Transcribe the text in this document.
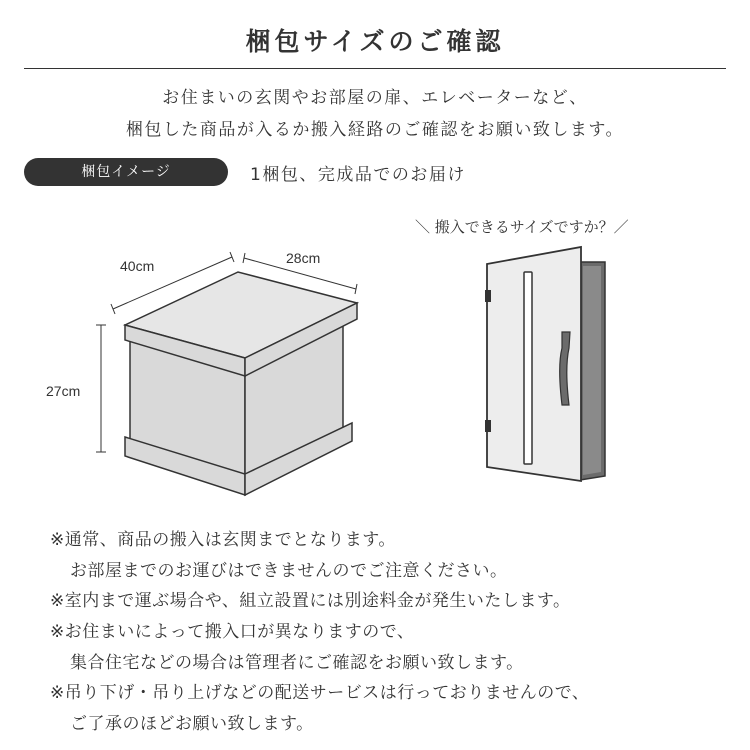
梱包サイズのご確認
お住まいの玄関やお部屋の扉、エレベーターなど、
梱包した商品が入るか搬入経路のご確認をお願い致します。
梱包イメージ	1梱包、完成品でのお届け
40cm	28cm
27cm
＼ 搬入できるサイズですか？／
※通常、商品の搬入は玄関までとなります。
お部屋までのお運びはできませんのでご注意ください。
※室内まで運ぶ場合や、組立設置には別途料金が発生いたします。
※お住まいによって搬入口が異なりますので、
集合住宅などの場合は管理者にご確認をお願い致します。
※吊り下げ・吊り上げなどの配送サービスは行っておりませんので、
ご了承のほどお願い致します。
